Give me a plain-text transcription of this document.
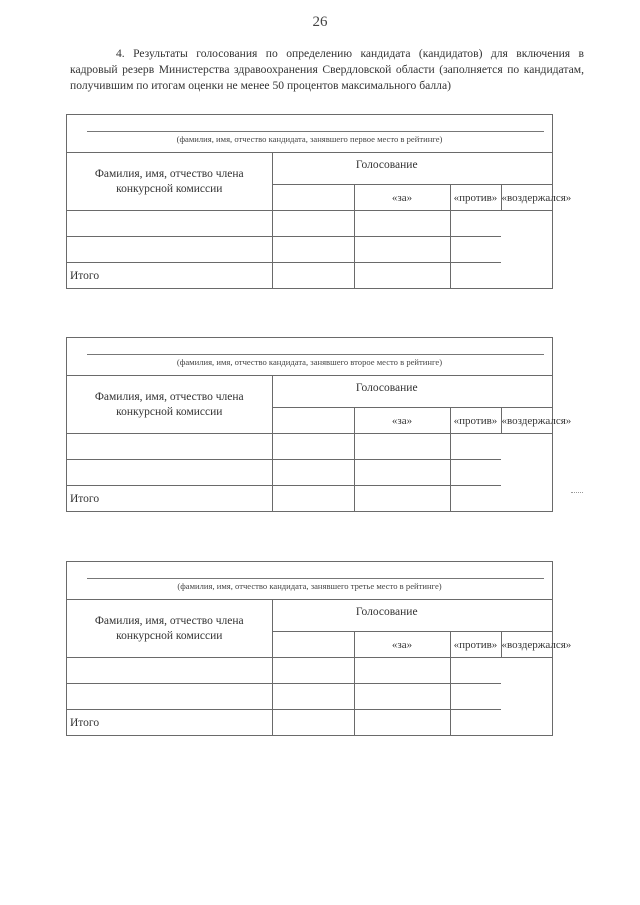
26
4. Результаты голосования по определению кандидата (кандидатов) для включения в кадровый резерв Министерства здравоохранения Свердловской области (заполняется по кандидатам, получившим по итогам оценки не менее 50 процентов максимального балла)
(фамилия, имя, отчество кандидата, занявшего первое место в рейтинге)
Фамилия, имя, отчество члена конкурсной комиссии	Голосование			
		«за»	«против»	«воздержался»

Итого				
(фамилия, имя, отчество кандидата, занявшего второе место в рейтинге)
Фамилия, имя, отчество члена конкурсной комиссии	Голосование			
		«за»	«против»	«воздержался»

Итого				
(фамилия, имя, отчество кандидата, занявшего третье место в рейтинге)
Фамилия, имя, отчество члена конкурсной комиссии	Голосование			
		«за»	«против»	«воздержался»

Итого				
